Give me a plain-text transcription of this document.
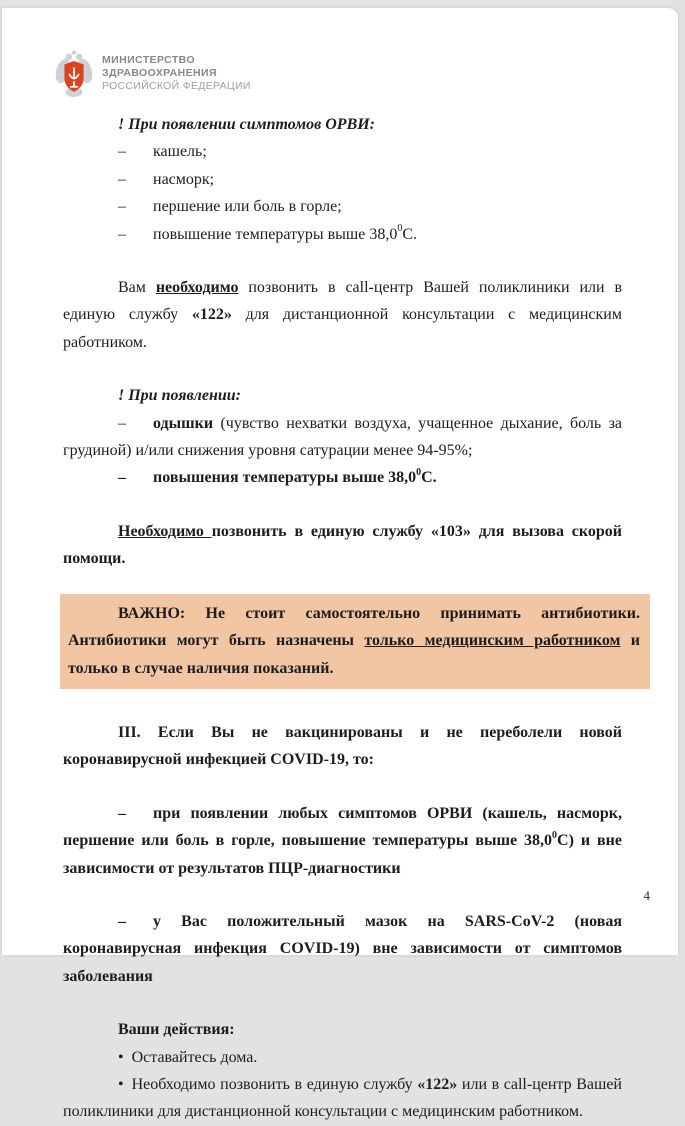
МИНИСТЕРСТВО
ЗДРАВООХРАНЕНИЯ
РОССИЙСКОЙ ФЕДЕРАЦИИ

! При появлении симптомов ОРВИ:

– кашель;

– насморк;

– першение или боль в горле;

– повышение температуры выше 38,0$^0$С.

Вам необходимо позвонить в call-центр Вашей поликлиники или в единую службу «122» для дистанционной консультации с медицинским работником.

! При появлении:

– одышки (чувство нехватки воздуха, учащенное дыхание, боль за грудиной) и/или снижения уровня сатурации менее 94-95%;

– повышения температуры выше 38,0$^0$С.

Необходимо позвонить в единую службу «103» для вызова скорой помощи.

ВАЖНО: Не стоит самостоятельно принимать антибиотики. Антибиотики могут быть назначены только медицинским работником и только в случае наличия показаний.

III. Если Вы не вакцинированы и не переболели новой коронавирусной инфекцией COVID-19, то:

– при появлении любых симптомов ОРВИ (кашель, насморк, першение или боль в горле, повышение температуры выше 38,0$^0$С) и вне зависимости от результатов ПЦР-диагностики

– у Вас положительный мазок на SARS-CoV-2 (новая коронавирусная инфекция COVID-19) вне зависимости от симптомов заболевания

Ваши действия:

• Оставайтесь дома.

• Необходимо позвонить в единую службу «122» или в call-центр Вашей поликлиники для дистанционной консультации с медицинским работником.

4
